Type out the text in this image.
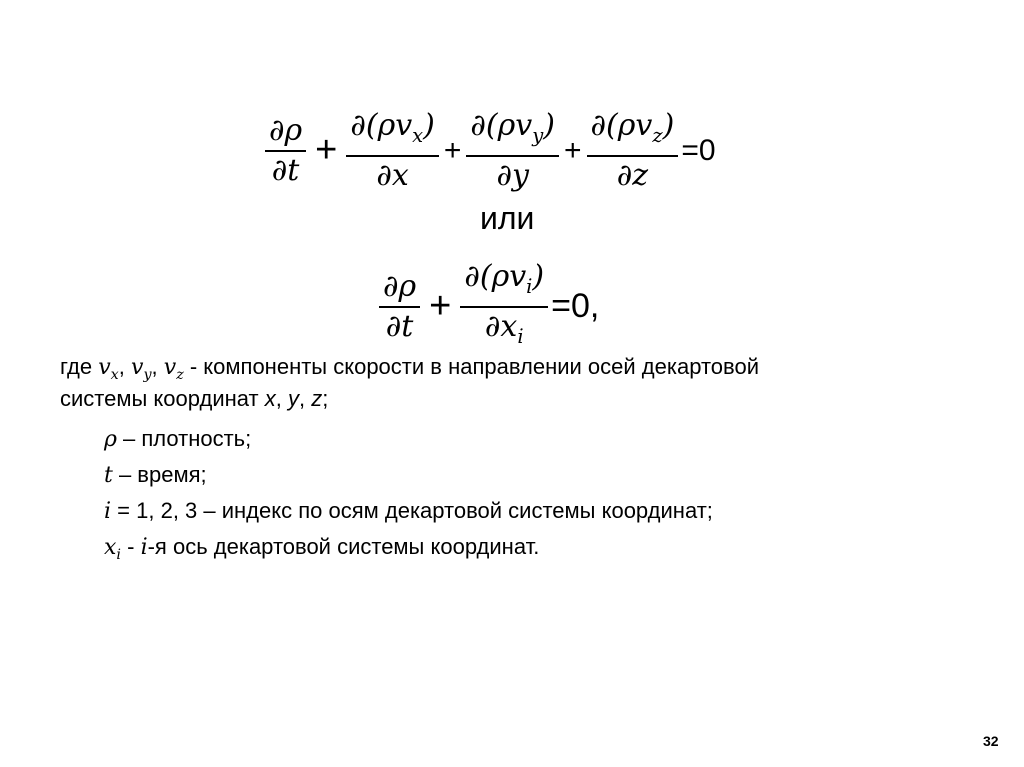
$\frac{\partial\rho}{\partial t} + \frac{\partial(\rho v_x)}{\partial x} + \frac{\partial(\rho v_y)}{\partial y} + \frac{\partial(\rho v_z)}{\partial z} =0$
или
$\frac{\partial\rho}{\partial t} + \frac{\partial(\rho v_i)}{\partial x_i} =0$,
где $v_x$, $v_y$, $v_z$ - компоненты скорости в направлении осей декартовой
системы координат x, y, z;
ρ – плотность;
t – время;
i = 1, 2, 3 – индекс по осям декартовой системы координат;
$x_i - i-я$ ось декартовой системы координат.
32
